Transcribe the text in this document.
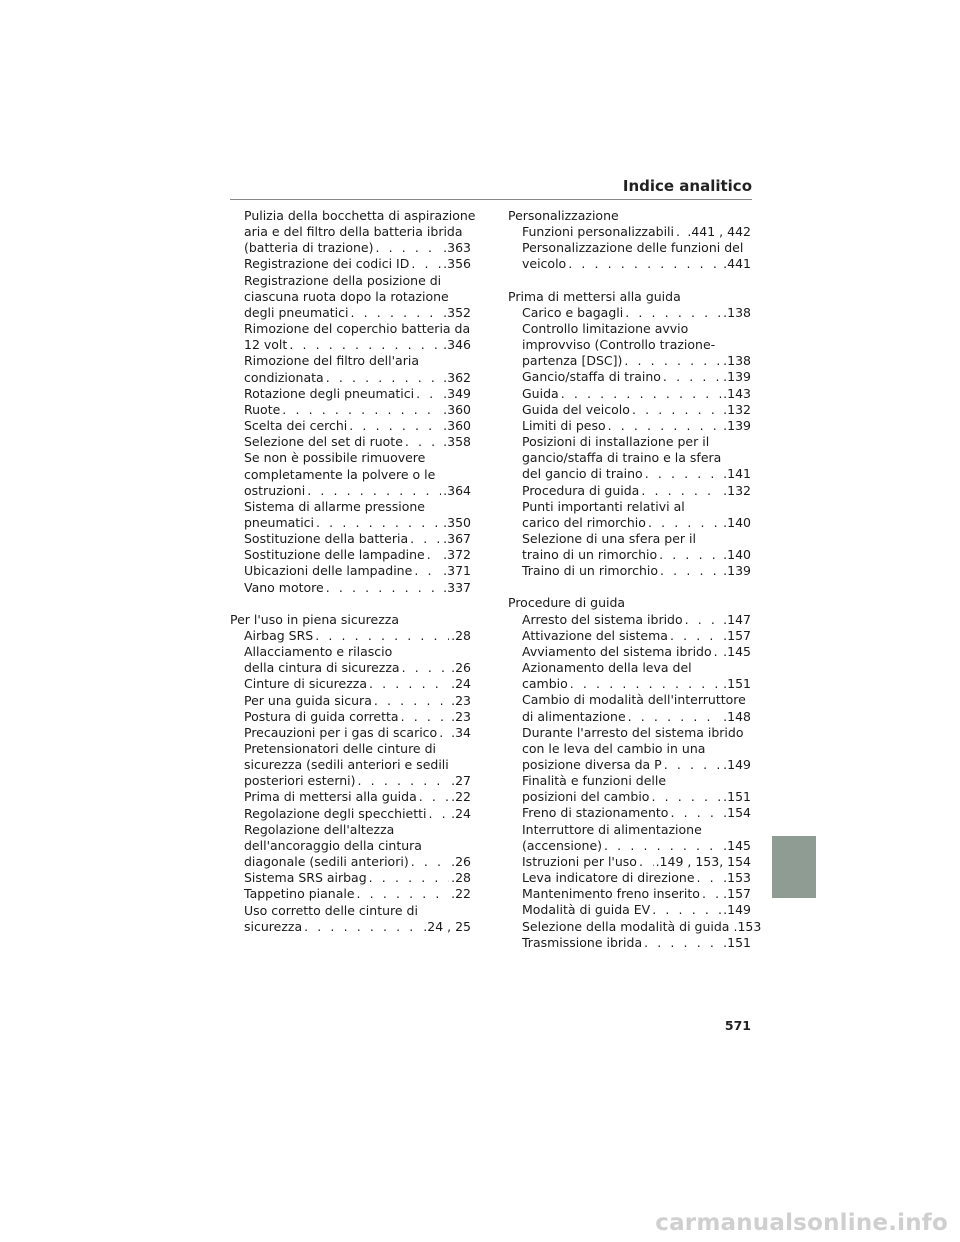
Indice analitico
Pulizia della bocchetta di aspirazione
aria e del filtro della batteria ibrida
(batteria di trazione) . . .	.363
Registrazione dei codici ID . . .	.356
Registrazione della posizione di
ciascuna ruota dopo la rotazione
degli pneumatici . . .	.352
Rimozione del coperchio batteria da
12 volt . . .	.346
Rimozione del filtro dell'aria
condizionata . . .	.362
Rotazione degli pneumatici . . . .349
Ruote . . .	.360
Scelta dei cerchi . . .	.360
Selezione del set di ruote . . .	.358
Se non è possibile rimuovere
completamente la polvere o le
ostruzioni . . .	.364
Sistema di allarme pressione
pneumatici . . .	.350
Sostituzione della batteria . . .	.367
Sostituzione delle lampadine . . . .372
Ubicazioni delle lampadine . . . .371
Vano motore . . .	.337
Per l'uso in piena sicurezza
Airbag SRS . . .	.28
Allacciamento e rilascio
della cintura di sicurezza . . .	.26
Cinture di sicurezza . . .	.24
Per una guida sicura . . .	.23
Postura di guida corretta . . .	.23
Precauzioni per i gas di scarico . . . .34
Pretensionatori delle cinture di
sicurezza (sedili anteriori e sedili
posteriori esterni) . . .	.27
Prima di mettersi alla guida . . .	.22
Regolazione degli specchietti . . . .24
Regolazione dell'altezza
dell'ancoraggio della cintura
diagonale (sedili anteriori) . . .	.26
Sistema SRS airbag . . .	.28
Tappetino pianale . . .	.22
Uso corretto delle cinture di
sicurezza . . .	.24 , 25
Personalizzazione
Funzioni personalizzabili . . . .441 , 442
Personalizzazione delle funzioni del
veicolo . . .	.441
Prima di mettersi alla guida
Carico e bagagli . . .	.138
Controllo limitazione avvio
improvviso (Controllo trazione-
partenza [DSC]) . . .	.138
Gancio/staffa di traino . . .	.139
Guida . . .	.143
Guida del veicolo . . .	.132
Limiti di peso . . .	.139
Posizioni di installazione per il
gancio/staffa di traino e la sfera
del gancio di traino . . .	.141
Procedura di guida . . .	.132
Punti importanti relativi al
carico del rimorchio . . .	.140
Selezione di una sfera per il
traino di un rimorchio . . .	.140
Traino di un rimorchio . . .	.139
Procedure di guida
Arresto del sistema ibrido . . .	.147
Attivazione del sistema . . .	.157
Avviamento del sistema ibrido . . . .145
Azionamento della leva del
cambio . . .	.151
Cambio di modalità dell'interruttore
di alimentazione . . .	.148
Durante l'arresto del sistema ibrido
con le leva del cambio in una
posizione diversa da P . . .	.149
Finalità e funzioni delle
posizioni del cambio . . .	.151
Freno di stazionamento . . .	.154
Interruttore di alimentazione
(accensione) . . .	.145
Istruzioni per l'uso . . . .149 , 153, 154
Leva indicatore di direzione . . . .153
Mantenimento freno inserito . . . .157
Modalità di guida EV . . .	.149
Selezione della modalità di guida .153
Trasmissione ibrida . . .	.151
571
carmanualsonline.info
